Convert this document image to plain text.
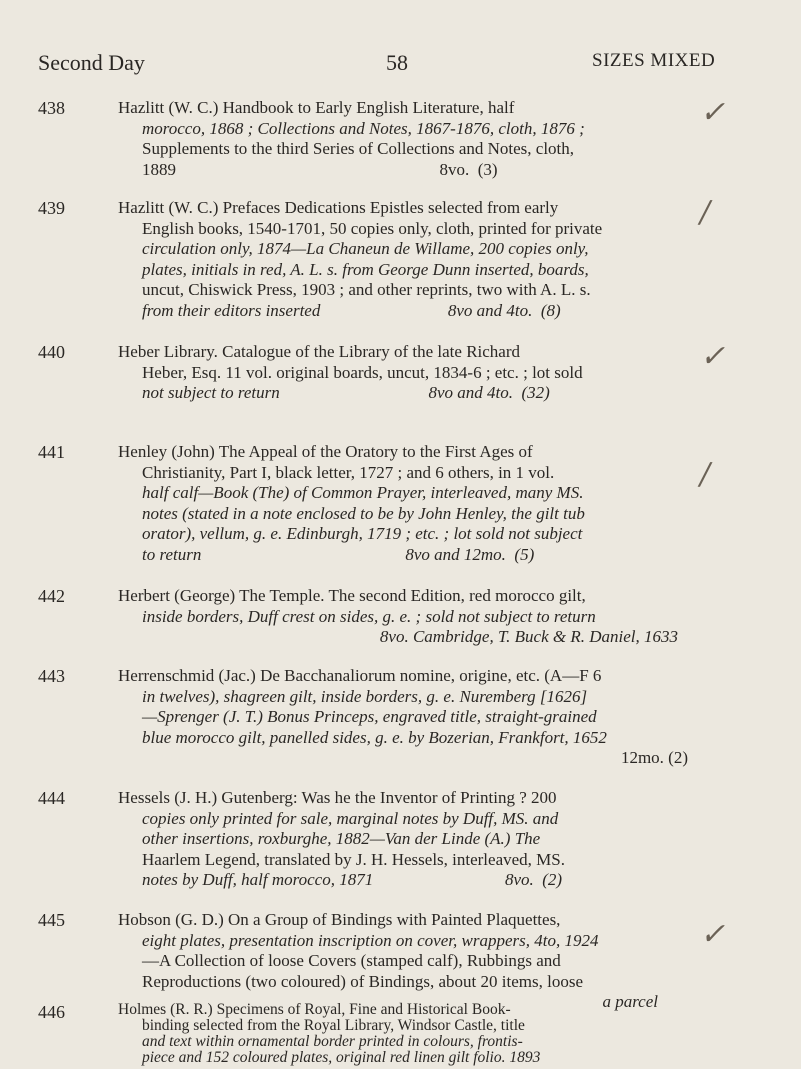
Second Day	58	SIZES MIXED
438	Hazlitt (W. C.) Handbook to Early English Literature, half
morocco, 1868 ; Collections and Notes, 1867-1876, cloth, 1876 ;
Supplements to the third Series of Collections and Notes, cloth,
1889                                                              8vo.  (3)
439	Hazlitt (W. C.) Prefaces Dedications Epistles selected from early
English books, 1540-1701, 50 copies only, cloth, printed for private
circulation only, 1874—La Chaneun de Willame, 200 copies only,
plates, initials in red, A. L. s. from George Dunn inserted, boards,
uncut, Chiswick Press, 1903 ; and other reprints, two with A. L. s.
from their editors inserted                              8vo and 4to.  (8)
440	Heber Library. Catalogue of the Library of the late Richard
Heber, Esq. 11 vol. original boards, uncut, 1834-6 ; etc. ; lot sold
not subject to return                                   8vo and 4to.  (32)
441	Henley (John) The Appeal of the Oratory to the First Ages of
Christianity, Part I, black letter, 1727 ; and 6 others, in 1 vol.
half calf—Book (The) of Common Prayer, interleaved, many MS.
notes (stated in a note enclosed to be by John Henley, the gilt tub
orator), vellum, g. e. Edinburgh, 1719 ; etc. ; lot sold not subject
to return                                                8vo and 12mo.  (5)
442	Herbert (George) The Temple. The second Edition, red morocco gilt,
inside borders, Duff crest on sides, g. e. ; sold not subject to return
8vo. Cambridge, T. Buck & R. Daniel, 1633
443	Herrenschmid (Jac.) De Bacchanaliorum nomine, origine, etc. (A—F 6
in twelves), shagreen gilt, inside borders, g. e. Nuremberg [1626]
—Sprenger (J. T.) Bonus Princeps, engraved title, straight-grained
blue morocco gilt, panelled sides, g. e. by Bozerian, Frankfort, 1652
12mo. (2)
444	Hessels (J. H.) Gutenberg: Was he the Inventor of Printing ? 200
copies only printed for sale, marginal notes by Duff, MS. and
other insertions, roxburghe, 1882—Van der Linde (A.) The
Haarlem Legend, translated by J. H. Hessels, interleaved, MS.
notes by Duff, half morocco, 1871                               8vo.  (2)
445	Hobson (G. D.) On a Group of Bindings with Painted Plaquettes,
eight plates, presentation inscription on cover, wrappers, 4to, 1924
—A Collection of loose Covers (stamped calf), Rubbings and
Reproductions (two coloured) of Bindings, about 20 items, loose
a parcel
446	Holmes (R. R.) Specimens of Royal, Fine and Historical Book-
binding selected from the Royal Library, Windsor Castle, title
and text within ornamental border printed in colours, frontis-
piece and 152 coloured plates, original red linen gilt folio. 1893
✓
∕
✓
∕
✓
